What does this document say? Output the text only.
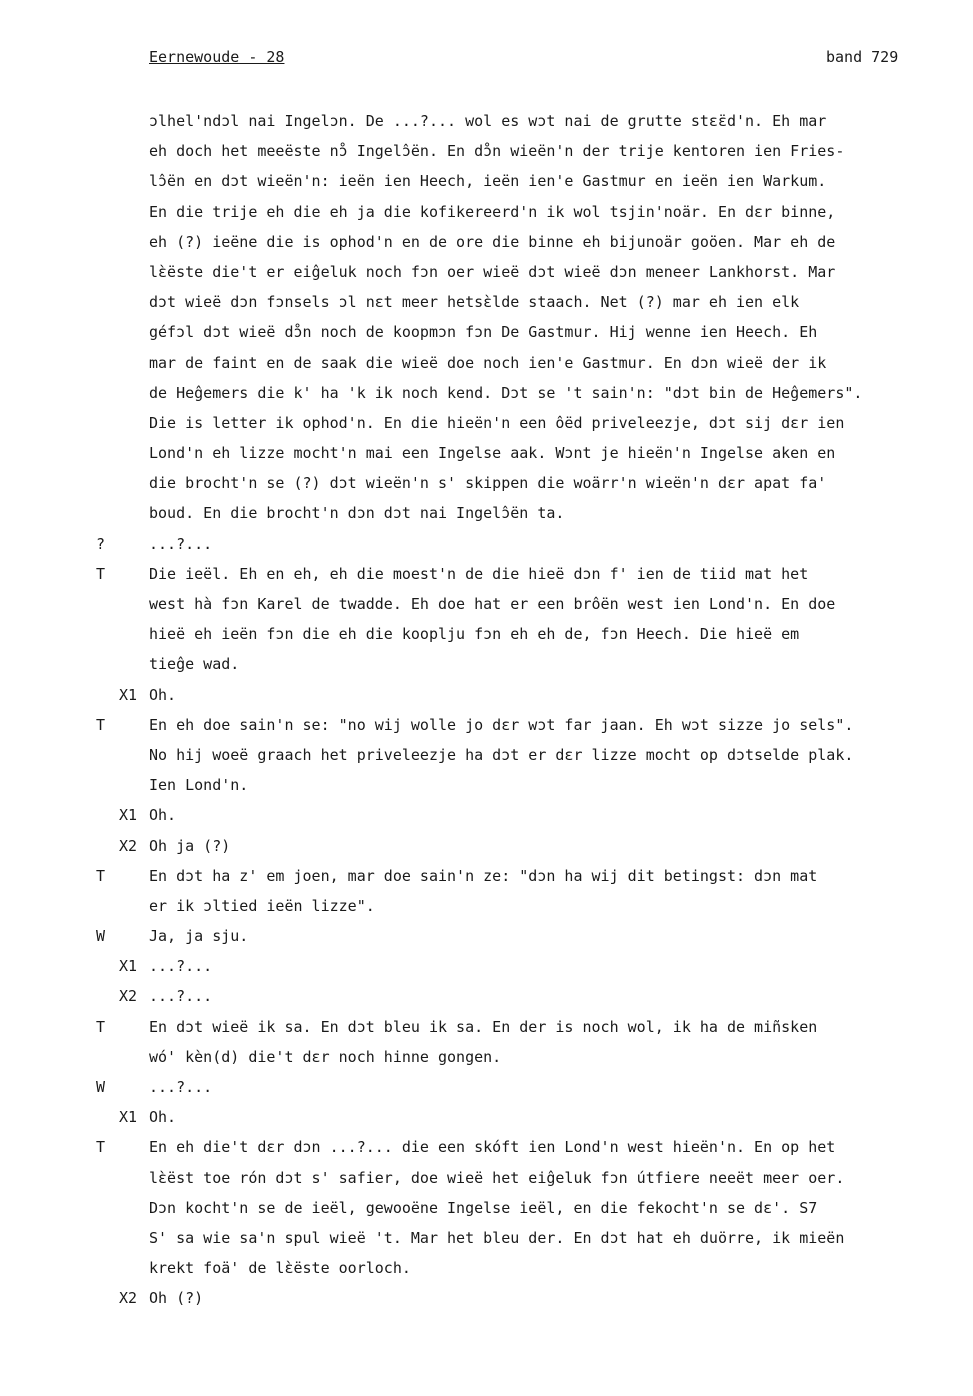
Eernewoude - 28	band 729
ɔlhel'ndɔl nai Ingelɔn. De ...?... wol es wɔt nai de grutte stɛɛ̈d'n. Eh mar
eh doch het meeëste nɔ̊ Ingelɔ̂ën. En dɔ̊n wieën'n der trije kentoren ien Fries-
lɔ̂ën en dɔt wieën'n: ieën ien Heech, ieën ien'e Gastmur en ieën ien Warkum.
En die trije eh die eh ja die kofikereerd'n ik wol tsjin'noär. En dɛr binne,
eh (?) ieëne die is ophod'n en de ore die binne eh bijunoär goöen. Mar eh de
lɛ̀ëste die't er eiĝeluk noch fɔn oer wieë dɔt wieë dɔn meneer Lankhorst. Mar
dɔt wieë dɔn fɔnsels ɔl nɛt meer hetsɛ̀lde staach. Net (?) mar eh ien elk
géfɔl dɔt wieë dɔ̊n noch de koopmɔn fɔn De Gastmur. Hij wenne ien Heech. Eh
mar de faint en de saak die wieë doe noch ien'e Gastmur. En dɔn wieë der ik
de Heĝemers die k' ha 'k ik noch kend. Dɔt se 't sain'n: "dɔt bin de Heĝemers".
Die is letter ik ophod'n. En die hieën'n een ôëd priveleezje, dɔt sij dɛr ien
Lond'n eh lizze mocht'n mai een Ingelse aak. Wɔnt je hieën'n Ingelse aken en
die brocht'n se (?) dɔt wieën'n s' skippen die woärr'n wieën'n dɛr apat fa'
boud. En die brocht'n dɔn dɔt nai Ingelɔ̂ën ta.
?	...?...
T	Die ieël. Eh en eh, eh die moest'n de die hieë dɔn f' ien de tiid mat het
west hà fɔn Karel de twadde. Eh doe hat er een brôën west ien Lond'n. En doe
hieë eh ieën fɔn die eh die kooplju fɔn eh eh de, fɔn Heech. Die hieë em
tieĝe wad.
X1 Oh.
T	En eh doe sain'n se: "no wij wolle jo dɛr wɔt far jaan. Eh wɔt sizze jo sels".
No hij woeë graach het priveleezje ha dɔt er dɛr lizze mocht op dɔtselde plak.
Ien Lond'n.
X1 Oh.
X2 Oh ja (?)
T	En dɔt ha z' em joen, mar doe sain'n ze: "dɔn ha wij dit betingst: dɔn mat
er ik ɔltied ieën lizze".
W	Ja, ja sju.
X1 ...?...
X2 ...?...
T	En dɔt wieë ik sa. En dɔt bleu ik sa. En der is noch wol, ik ha de miñsken
wó' kèn(d) die't dɛr noch hinne gongen.
W	...?...
X1 Oh.
T	En eh die't dɛr dɔn ...?... die een skóft ien Lond'n west hieën'n. En op het
lɛ̀ëst toe rón dɔt s' safier, doe wieë het eiĝeluk fɔn útfiere neeët meer oer.
Dɔn kocht'n se de ieël, gewooëne Ingelse ieël, en die fekocht'n se dɛ'. S7
S' sa wie sa'n spul wieë 't. Mar het bleu der. En dɔt hat eh duörre, ik mieën
krekt foä' de lɛ̀ëste oorloch.
X2 Oh (?)
